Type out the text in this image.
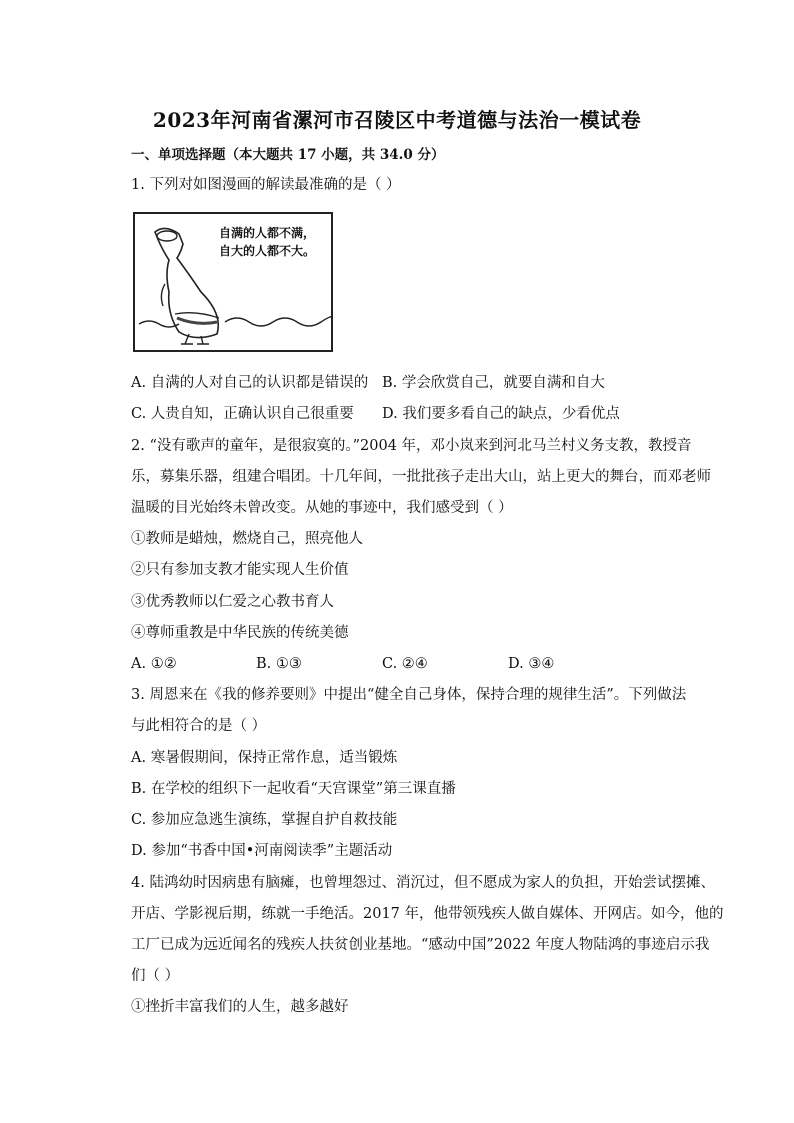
2023年河南省漯河市召陵区中考道德与法治一模试卷
一、单项选择题（本大题共 17 小题，共 34.0 分）
1. 下列对如图漫画的解读最准确的是（ ）
自满的人都不满，
自大的人都不大。
A. 自满的人对自己的认识都是错误的 B. 学会欣赏自己，就要自满和自大
C. 人贵自知，正确认识自己很重要 D. 我们要多看自己的缺点，少看优点
2. “没有歌声的童年，是很寂寞的。”2004 年，邓小岚来到河北马兰村义务支教，教授音
乐，募集乐器，组建合唱团。十几年间，一批批孩子走出大山，站上更大的舞台，而邓老师
温暖的目光始终未曾改变。从她的事迹中，我们感受到（ ）
①教师是蜡烛，燃烧自己，照亮他人
②只有参加支教才能实现人生价值
③优秀教师以仁爱之心教书育人
④尊师重教是中华民族的传统美德
A. ①②	B. ①③	C. ②④	D. ③④
3. 周恩来在《我的修养要则》中提出“健全自己身体，保持合理的规律生活”。下列做法
与此相符合的是（ ）
A. 寒暑假期间，保持正常作息，适当锻炼
B. 在学校的组织下一起收看“天宫课堂”第三课直播
C. 参加应急逃生演练，掌握自护自救技能
D. 参加“书香中国•河南阅读季”主题活动
4. 陆鸿幼时因病患有脑瘫，也曾埋怨过、消沉过，但不愿成为家人的负担，开始尝试摆摊、
开店、学影视后期，练就一手绝活。2017 年，他带领残疾人做自媒体、开网店。如今，他的
工厂已成为远近闻名的残疾人扶贫创业基地。“感动中国”2022 年度人物陆鸿的事迹启示我
们（ ）
①挫折丰富我们的人生，越多越好
